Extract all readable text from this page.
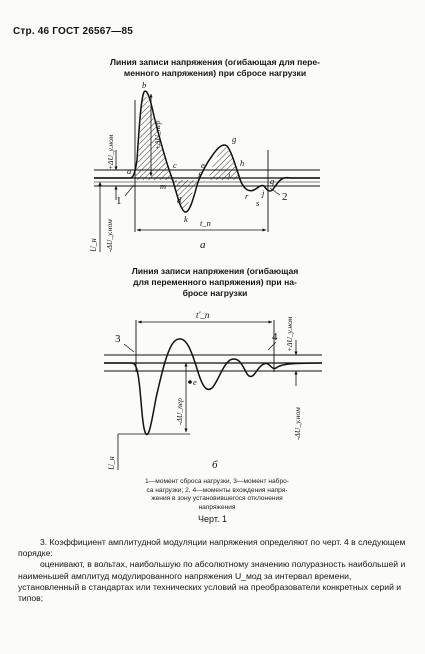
Стр. 46 ГОСТ 26567—85
Линия записи напряжения (огибающая для пере-
менного напряжения) при сбросе нагрузки
Линия записи напряжения (огибающая
для переменного напряжения) при на-
бросе нагрузки
b
a
m
c
f
e
g
d
k
h
i
r
s
j
q
1	2
+ΔU_у.ном	+ΔU_пер
U_н -ΔU_у.ном	t_п
а
3	4
e
t'_п
+ΔU_у.ном
-ΔU_пер	-ΔU_у.ном
U_н	б
1—момент сброса нагрузки, 3—момент набро-
са нагрузки; 2, 4—моменты вхождения напря-
жения в зону установившегося отклонения
напряжения
Черт. 1

3. Коэффициент амплитудной модуляции напряжения определяют по черт. 4 в следующем порядке:

оценивают, в вольтах, наибольшую по абсолютному значению полуразность наибольшей и наименьшей амплитуд модулированного напряжения U_мод за интервал времени, установленный в стандартах или технических условий на преобразователи конкретных серий и типов;
